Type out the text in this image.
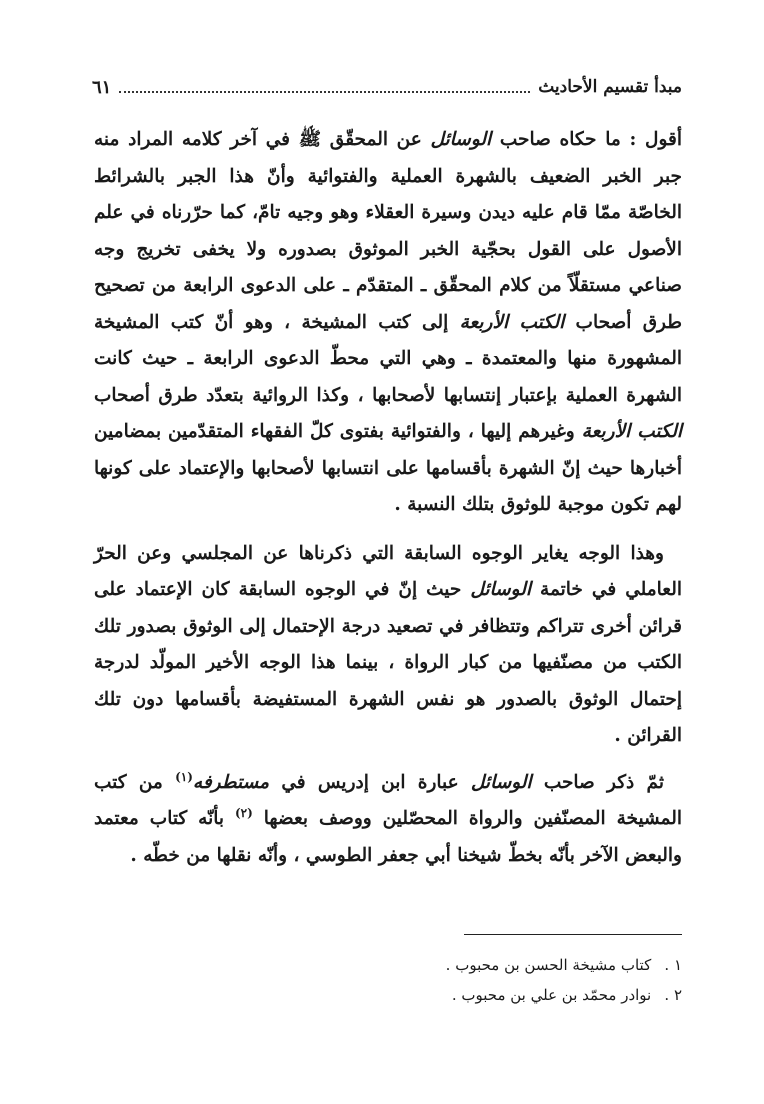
مبدأ تقسيم الأحاديث
٦١

أقول : ما حكاه صاحب الوسائل عن المحقّق ﷺ في آخر كلامه المراد منه جبر الخبر الضعيف بالشهرة العملية والفتوائية وأنّ هذا الجبر بالشرائط الخاصّة ممّا قام عليه ديدن وسيرة العقلاء وهو وجيه تامّ، كما حرّرناه في علم الأصول على القول بحجّية الخبر الموثوق بصدوره ولا يخفى تخريج وجه صناعي مستقلّاً من كلام المحقّق ـ المتقدّم ـ على الدعوى الرابعة من تصحيح طرق أصحاب الكتب الأربعة إلى كتب المشيخة ، وهو أنّ كتب المشيخة المشهورة منها والمعتمدة ـ وهي التي محطّ الدعوى الرابعة ـ حيث كانت الشهرة العملية بإعتبار إنتسابها لأصحابها ، وكذا الروائية بتعدّد طرق أصحاب الكتب الأربعة وغيرهم إليها ، والفتوائية بفتوى كلّ الفقهاء المتقدّمين بمضامين أخبارها حيث إنّ الشهرة بأقسامها على انتسابها لأصحابها والإعتماد على كونها لهم تكون موجبة للوثوق بتلك النسبة .

وهذا الوجه يغاير الوجوه السابقة التي ذكرناها عن المجلسي وعن الحرّ العاملي في خاتمة الوسائل حيث إنّ في الوجوه السابقة كان الإعتماد على قرائن أخرى تتراكم وتتظافر في تصعيد درجة الإحتمال إلى الوثوق بصدور تلك الكتب من مصنّفيها من كبار الرواة ، بينما هذا الوجه الأخير المولّد لدرجة إحتمال الوثوق بالصدور هو نفس الشهرة المستفيضة بأقسامها دون تلك القرائن .

ثمّ ذكر صاحب الوسائل عبارة ابن إدريس في مستطرفه$^{(١)}$ من كتب المشيخة المصنّفين والرواة المحصّلين ووصف بعضها $^{(٢)}$ بأنّه كتاب معتمد والبعض الآخر بأنّه بخطّ شيخنا أبي جعفر الطوسي ، وأنّه نقلها من خطّه .

١ . كتاب مشيخة الحسن بن محبوب .
٢ . نوادر محمّد بن علي بن محبوب .
